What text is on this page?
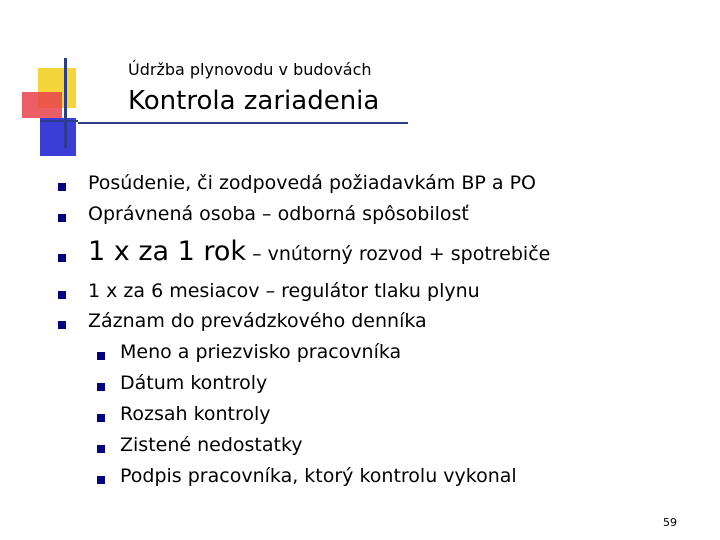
Údržba plynovodu v budovách
Kontrola zariadenia
Posúdenie, či zodpovedá požiadavkám BP a PO
Oprávnená osoba – odborná spôsobilosť
1 x za 1 rok – vnútorný rozvod + spotrebiče
1 x za 6 mesiacov – regulátor tlaku plynu
Záznam do prevádzkového denníka
Meno a priezvisko pracovníka
Dátum kontroly
Rozsah kontroly
Zistené nedostatky
Podpis pracovníka, ktorý kontrolu vykonal
59
